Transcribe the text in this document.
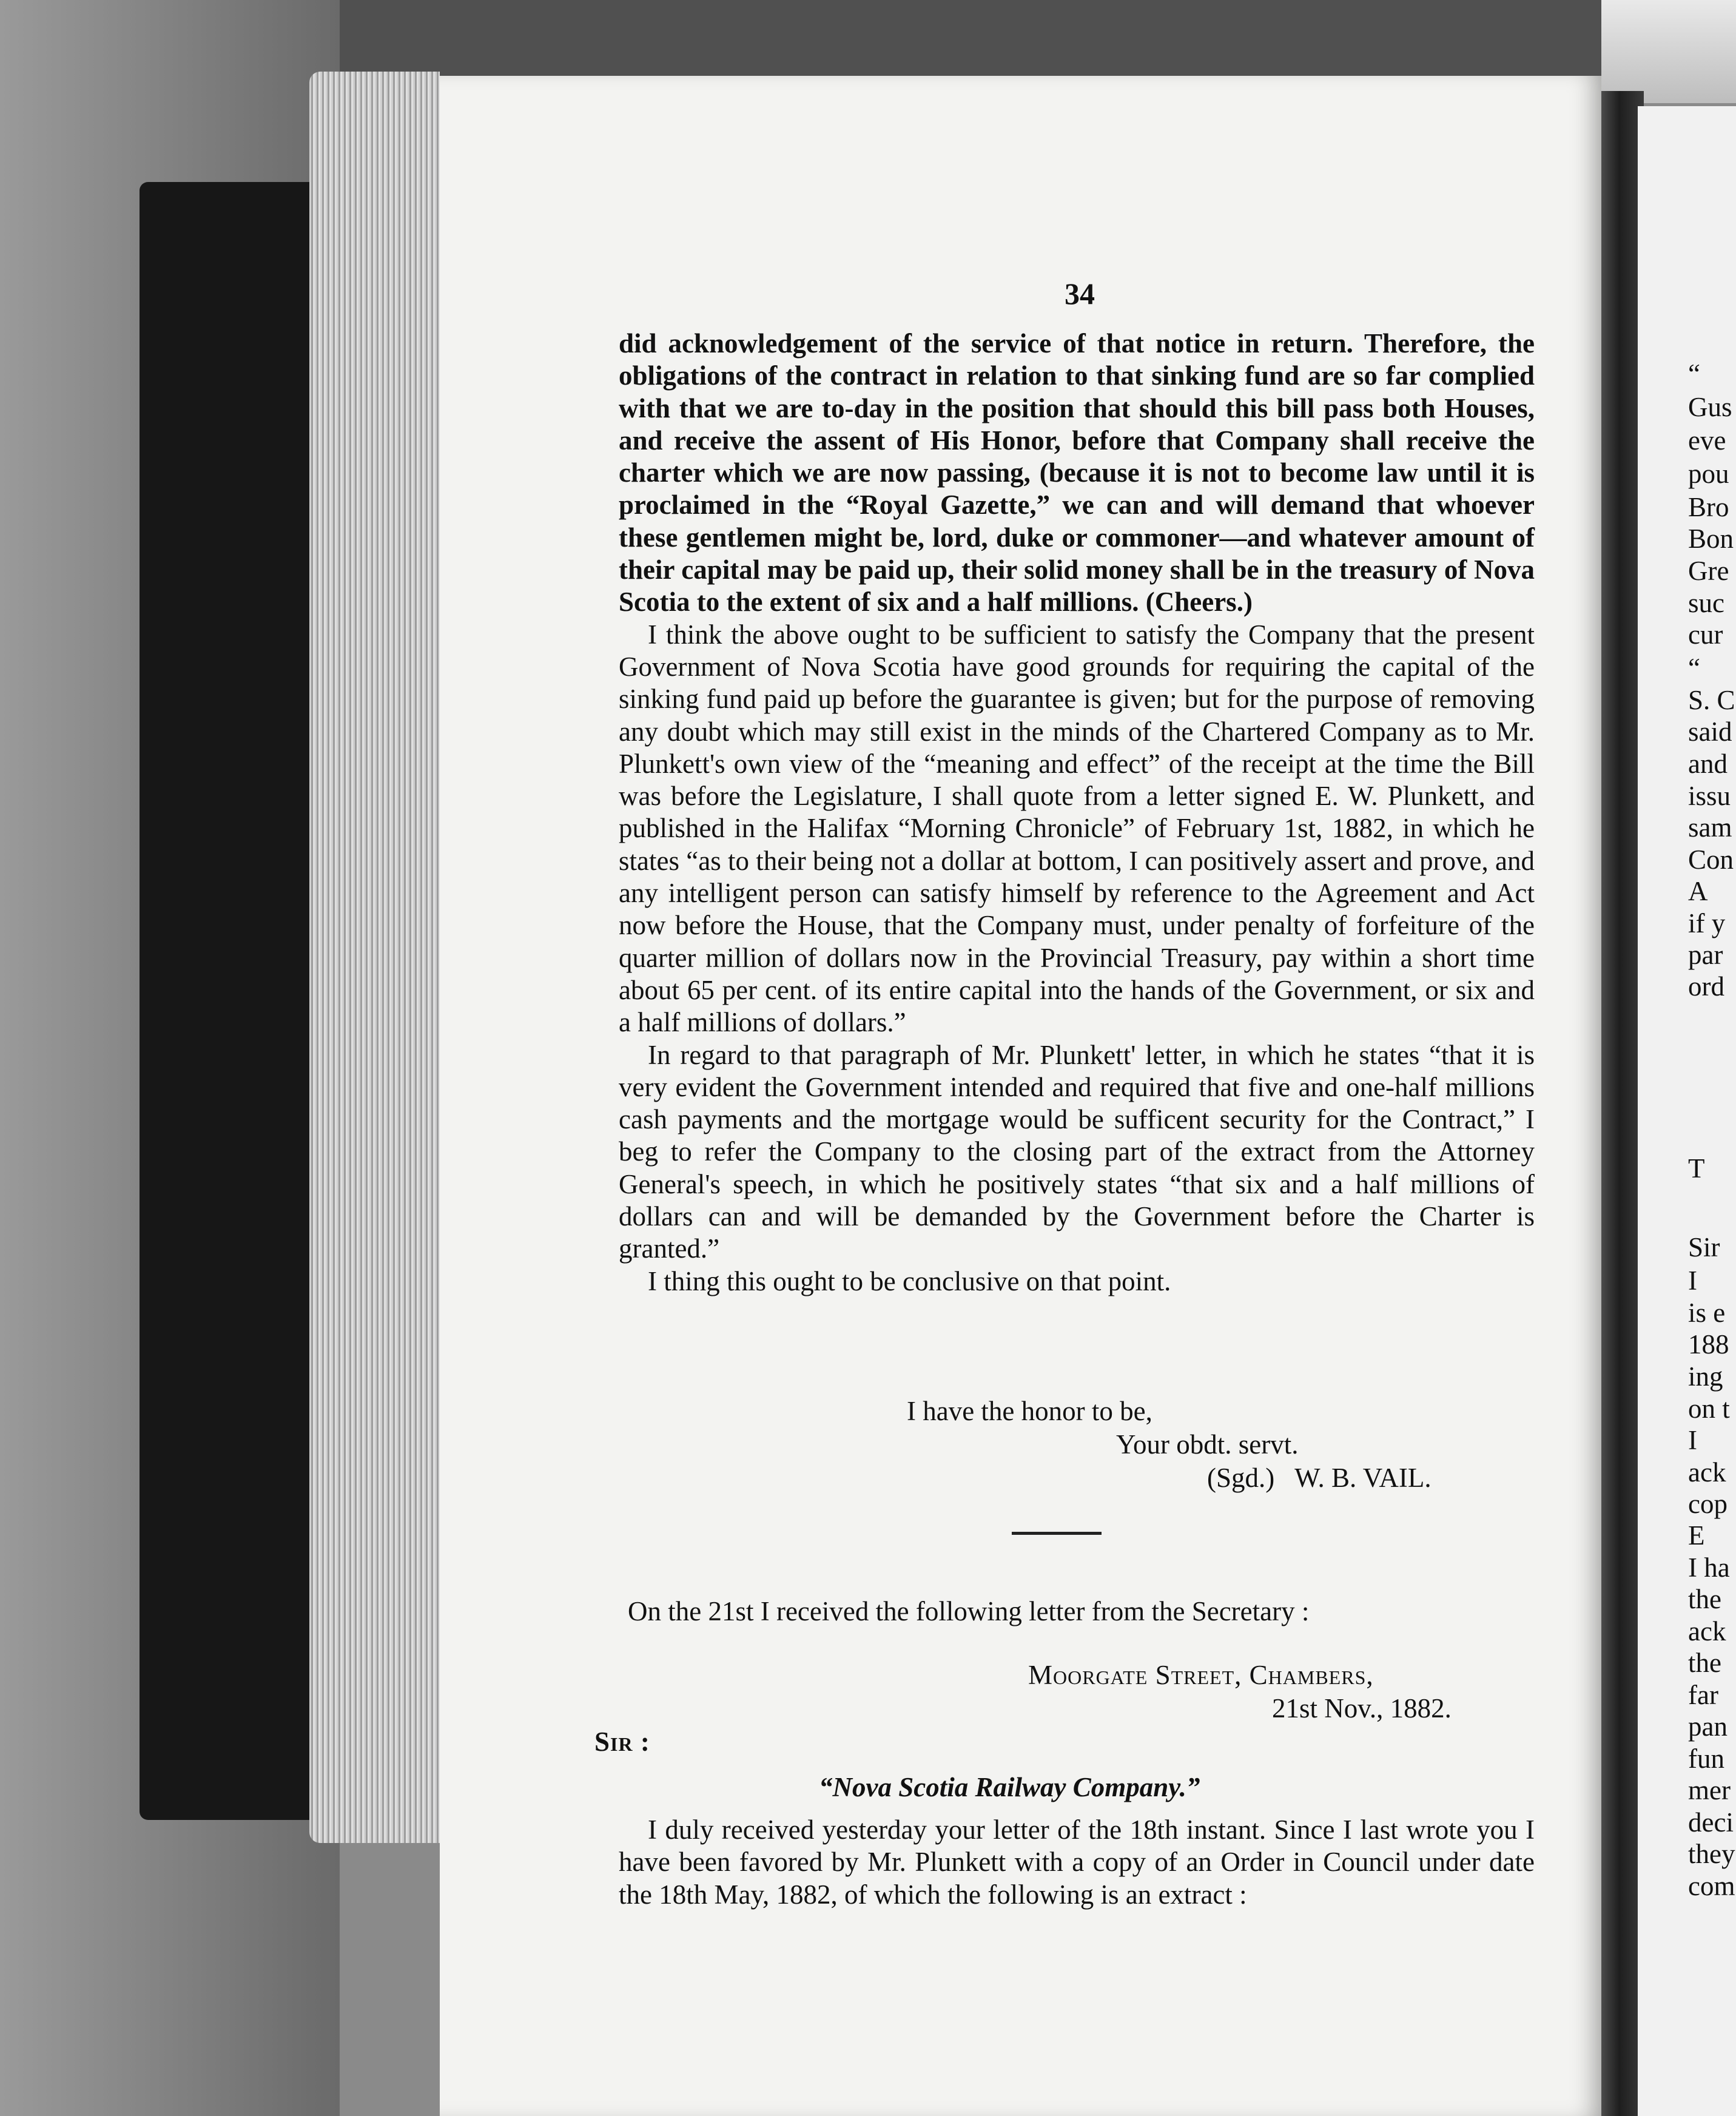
34

did acknowledgement of the service of that notice in return. Therefore, the obligations of the contract in relation to that sinking fund are so far complied with that we are to-day in the position that should this bill pass both Houses, and receive the assent of His Honor, before that Company shall receive the charter which we are now passing, (because it is not to become law until it is proclaimed in the “Royal Gazette,” we can and will demand that whoever these gentlemen might be, lord, duke or commoner—and whatever amount of their capital may be paid up, their solid money shall be in the treasury of Nova Scotia to the extent of six and a half millions. (Cheers.)

I think the above ought to be sufficient to satisfy the Company that the present Government of Nova Scotia have good grounds for requiring the capital of the sinking fund paid up before the guarantee is given; but for the purpose of removing any doubt which may still exist in the minds of the Chartered Company as to Mr. Plunkett's own view of the “meaning and effect” of the receipt at the time the Bill was before the Legislature, I shall quote from a letter signed E. W. Plunkett, and published in the Halifax “Morning Chronicle” of February 1st, 1882, in which he states “as to their being not a dollar at bottom, I can positively assert and prove, and any intelligent person can satisfy himself by reference to the Agreement and Act now before the House, that the Company must, under penalty of forfeiture of the quarter million of dollars now in the Provincial Treasury, pay within a short time about 65 per cent. of its entire capital into the hands of the Government, or six and a half millions of dollars.”

In regard to that paragraph of Mr. Plunkett' letter, in which he states “that it is very evident the Government intended and required that five and one-half millions cash payments and the mortgage would be sufficent security for the Contract,” I beg to refer the Company to the closing part of the extract from the Attorney General's speech, in which he positively states “that six and a half millions of dollars can and will be demanded by the Government before the Charter is granted.”

I thing this ought to be conclusive on that point.

I have the honor to be,
Your obdt. servt.
(Sgd.)   W. B. VAIL.
On the 21st I received the following letter from the Secretary :
Moorgate Street, Chambers,
21st Nov., 1882.
Sir :
“Nova Scotia Railway Company.”

I duly received yesterday your letter of the 18th instant. Since I last wrote you I have been favored by Mr. Plunkett with a copy of an Order in Council under date the 18th May, 1882, of which the following is an extract :

“
Gus
eve
pou
Bro
Bon
Gre
suc
cur
“
S. C
said
and
issu
sam
Con
A
if y
par
ord
T
Sir
I
is e
188
ing
on t
I
ack
cop
E
I ha
the
ack
the
far
pan
fun
mer
deci
they
com
